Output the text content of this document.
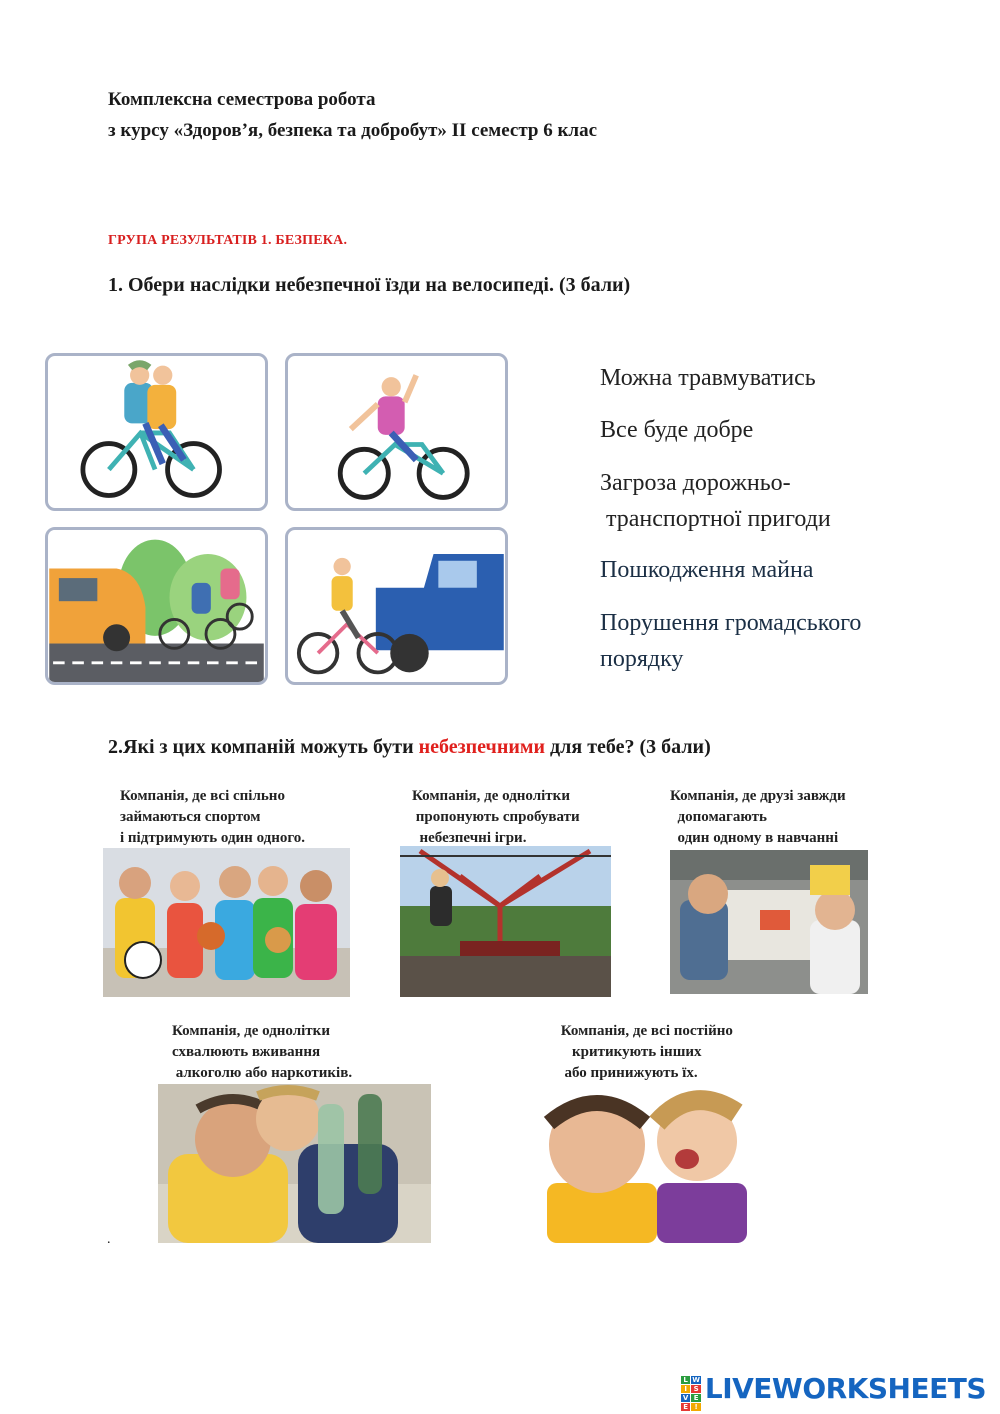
Комплексна семестрова робота
з курсу «Здоров’я, безпека та добробут» ІІ семестр 6 клас
ГРУПА РЕЗУЛЬТАТІВ 1. БЕЗПЕКА.
1. Обери наслідки небезпечної їзди на велосипеді. (3 бали)
Можна травмуватись
Все буде добре
Загроза дорожньо-
транспортної пригоди
Пошкодження майна
Порушення громадського
порядку
2.Які з цих компаній можуть бути небезпечними для тебе? (3 бали)
Компанія, де всі спільно
займаються спортом
і підтримують один одного.
Компанія, де однолітки
пропонують спробувати
небезпечні ігри.
Компанія, де друзі завжди
допомагають
один одному в навчанні
Компанія, де однолітки
схвалюють вживання
алкоголю або наркотиків.
Компанія, де всі постійно
критикують інших
або принижують їх.
.
L W
I S
V E
E !
LIVEWORKSHEETS
